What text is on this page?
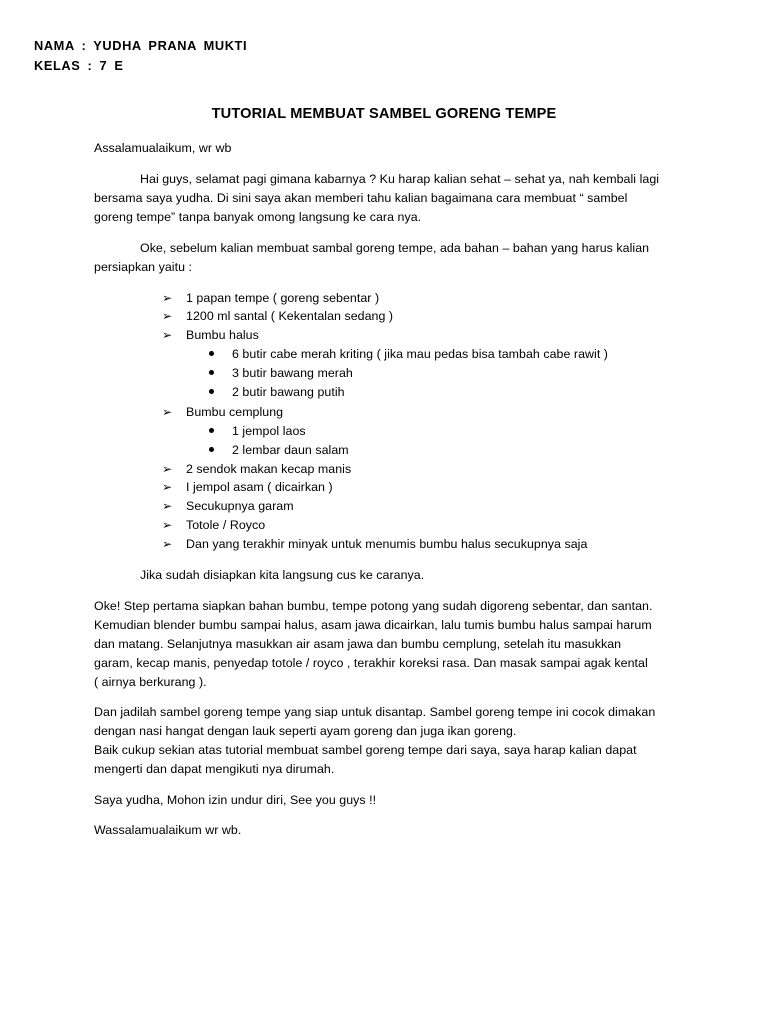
NAMA : YUDHA PRANA MUKTI
KELAS : 7 E
TUTORIAL MEMBUAT SAMBEL GORENG TEMPE
Assalamualaikum, wr wb
Hai guys, selamat pagi gimana kabarnya ? Ku harap kalian sehat – sehat ya, nah kembali lagi
bersama saya yudha. Di sini saya akan memberi tahu kalian bagaimana cara membuat “ sambel
goreng tempe” tanpa banyak omong langsung ke cara nya.
Oke, sebelum kalian membuat sambal goreng tempe, ada bahan – bahan yang harus kalian
persiapkan yaitu :
➢ 1 papan tempe ( goreng sebentar )
➢ 1200 ml santal ( Kekentalan sedang )
➢ Bumbu halus
6 butir cabe merah kriting ( jika mau pedas bisa tambah cabe rawit )
3 butir bawang merah
2 butir bawang putih
➢ Bumbu cemplung
1 jempol laos
2 lembar daun salam
➢ 2 sendok makan kecap manis
➢ I jempol asam ( dicairkan )
➢ Secukupnya garam
➢ Totole / Royco
➢ Dan yang terakhir minyak untuk menumis bumbu halus secukupnya saja
Jika sudah disiapkan kita langsung cus ke caranya.
Oke! Step pertama siapkan bahan bumbu, tempe potong yang sudah digoreng sebentar, dan santan.
Kemudian blender bumbu sampai halus, asam jawa dicairkan, lalu tumis bumbu halus sampai harum
dan matang. Selanjutnya masukkan air asam jawa dan bumbu cemplung, setelah itu masukkan
garam, kecap manis, penyedap totole / royco , terakhir koreksi rasa. Dan masak sampai agak kental
( airnya berkurang ).
Dan jadilah sambel goreng tempe yang siap untuk disantap. Sambel goreng tempe ini cocok dimakan
dengan nasi hangat dengan lauk seperti ayam goreng dan juga ikan goreng.
Baik cukup sekian atas tutorial membuat sambel goreng tempe dari saya, saya harap kalian dapat
mengerti dan dapat mengikuti nya dirumah.
Saya yudha, Mohon izin undur diri, See you guys !!
Wassalamualaikum wr wb.
